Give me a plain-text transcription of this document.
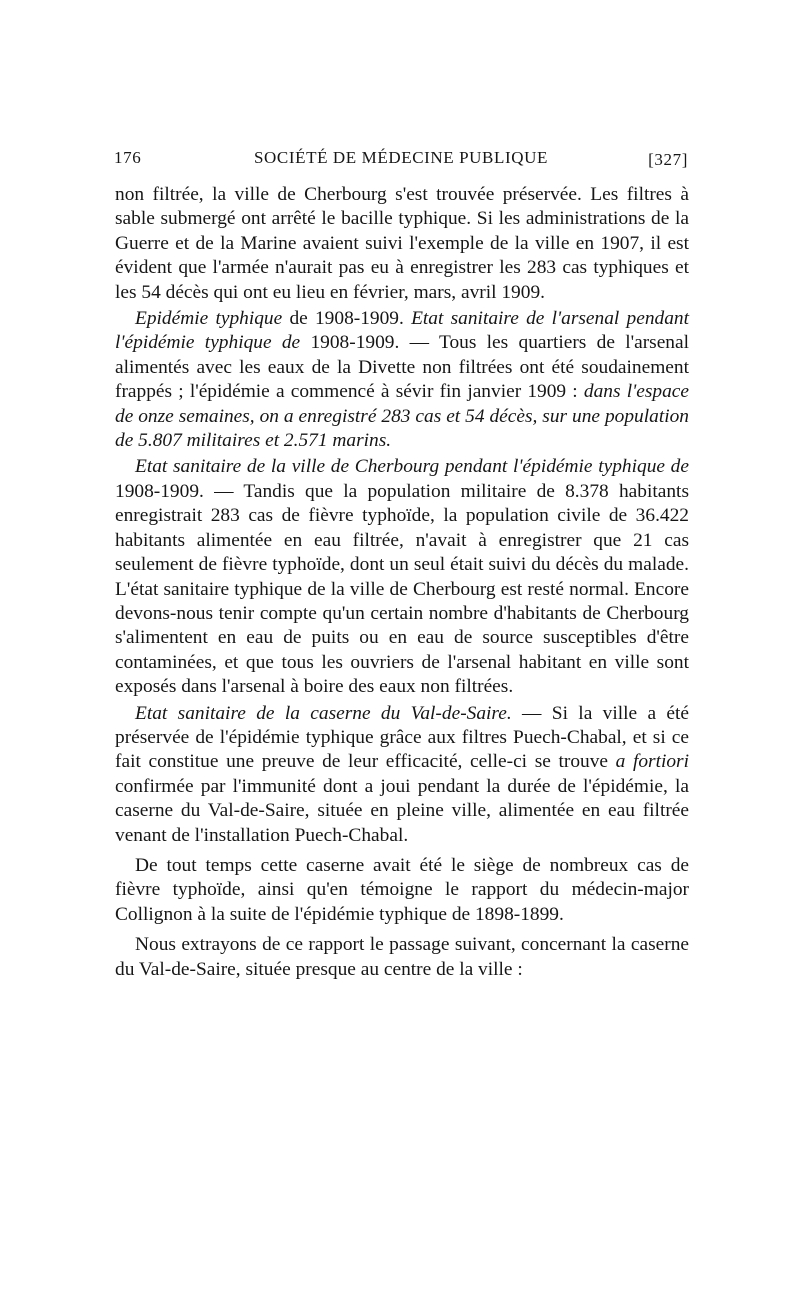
176	SOCIÉTÉ DE MÉDECINE PUBLIQUE	[327]

non filtrée, la ville de Cherbourg s'est trouvée préservée. Les filtres à sable submergé ont arrêté le bacille typhique. Si les administrations de la Guerre et de la Marine avaient suivi l'exemple de la ville en 1907, il est évident que l'armée n'aurait pas eu à enregistrer les 283 cas typhiques et les 54 décès qui ont eu lieu en février, mars, avril 1909.

Epidémie typhique de 1908-1909. Etat sanitaire de l'arsenal pendant l'épidémie typhique de 1908-1909. — Tous les quartiers de l'arsenal alimentés avec les eaux de la Divette non filtrées ont été soudainement frappés ; l'épidémie a commencé à sévir fin janvier 1909 : dans l'espace de onze semaines, on a enregistré 283 cas et 54 décès, sur une population de 5.807 militaires et 2.571 marins.

Etat sanitaire de la ville de Cherbourg pendant l'épidémie typhique de 1908-1909. — Tandis que la population militaire de 8.378 habitants enregistrait 283 cas de fièvre typhoïde, la population civile de 36.422 habitants alimentée en eau filtrée, n'avait à enregistrer que 21 cas seulement de fièvre typhoïde, dont un seul était suivi du décès du malade. L'état sanitaire typhique de la ville de Cherbourg est resté normal. Encore devons-nous tenir compte qu'un certain nombre d'habitants de Cherbourg s'alimentent en eau de puits ou en eau de source susceptibles d'être contaminées, et que tous les ouvriers de l'arsenal habitant en ville sont exposés dans l'arsenal à boire des eaux non filtrées.

Etat sanitaire de la caserne du Val-de-Saire. — Si la ville a été préservée de l'épidémie typhique grâce aux filtres Puech-Chabal, et si ce fait constitue une preuve de leur efficacité, celle-ci se trouve a fortiori confirmée par l'immunité dont a joui pendant la durée de l'épidémie, la caserne du Val-de-Saire, située en pleine ville, alimentée en eau filtrée venant de l'installation Puech-Chabal.

De tout temps cette caserne avait été le siège de nombreux cas de fièvre typhoïde, ainsi qu'en témoigne le rapport du médecin-major Collignon à la suite de l'épidémie typhique de 1898-1899.

Nous extrayons de ce rapport le passage suivant, concernant la caserne du Val-de-Saire, située presque au centre de la ville :
